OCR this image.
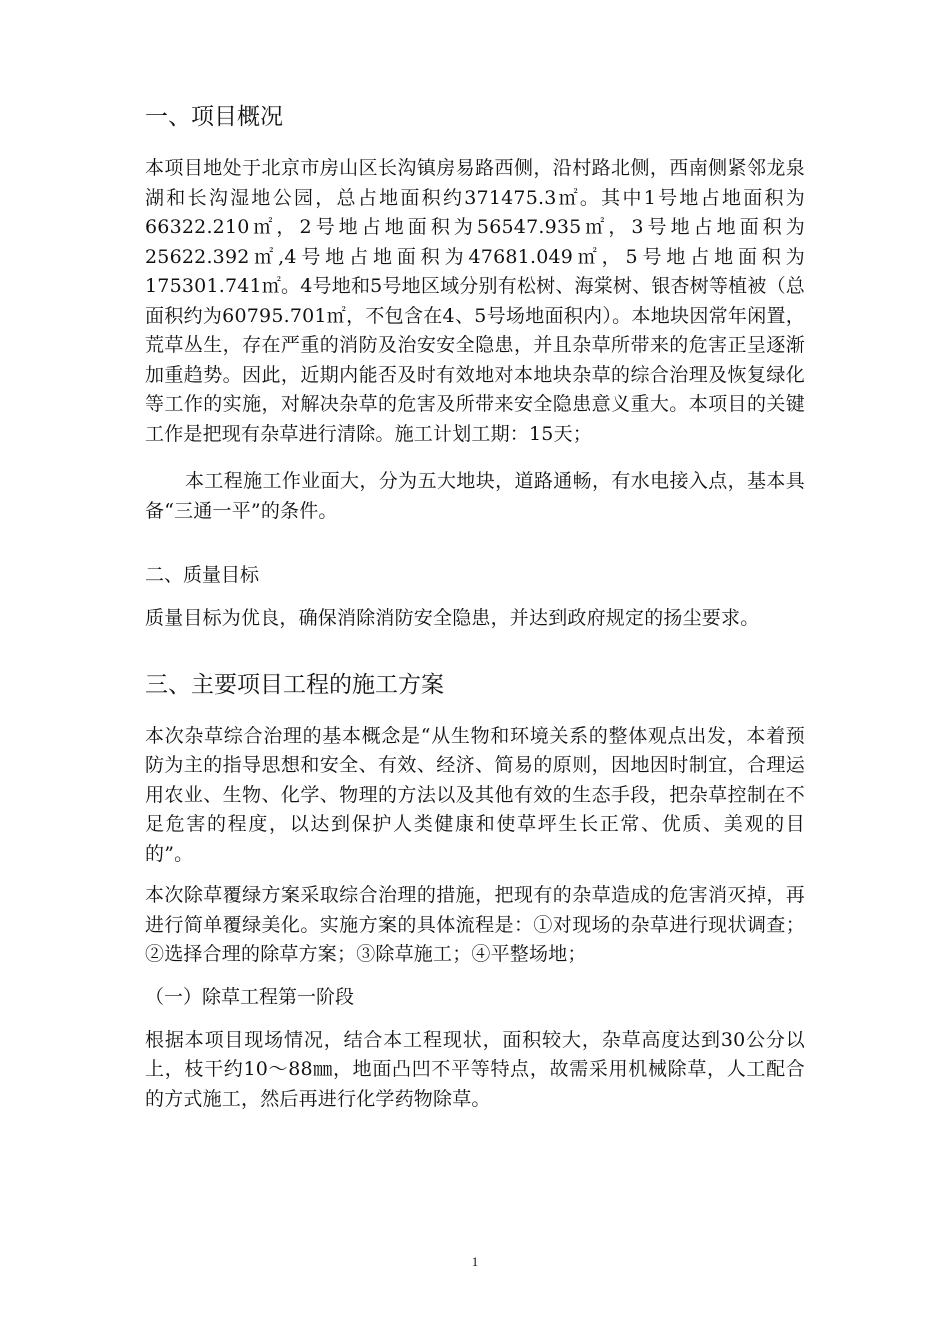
一、项目概况
本项目地处于北京市房山区长沟镇房易路西侧，沿村路北侧，西南侧紧邻龙泉湖和长沟湿地公园，总占地面积约371475.3㎡。其中1号地占地面积为66322.210㎡，2号地占地面积为56547.935㎡，3号地占地面积为25622.392㎡,4号地占地面积为47681.049㎡，5号地占地面积为175301.741㎡。4号地和5号地区域分别有松树、海棠树、银杏树等植被（总面积约为60795.701㎡，不包含在4、5号场地面积内）。本地块因常年闲置，荒草丛生，存在严重的消防及治安安全隐患，并且杂草所带来的危害正呈逐渐加重趋势。因此，近期内能否及时有效地对本地块杂草的综合治理及恢复绿化等工作的实施，对解决杂草的危害及所带来安全隐患意义重大。本项目的关键工作是把现有杂草进行清除。施工计划工期：15天；
本工程施工作业面大，分为五大地块，道路通畅，有水电接入点，基本具备“三通一平”的条件。
二、质量目标
质量目标为优良，确保消除消防安全隐患，并达到政府规定的扬尘要求。
三、主要项目工程的施工方案
本次杂草综合治理的基本概念是“从生物和环境关系的整体观点出发，本着预防为主的指导思想和安全、有效、经济、简易的原则，因地因时制宜，合理运用农业、生物、化学、物理的方法以及其他有效的生态手段，把杂草控制在不足危害的程度，以达到保护人类健康和使草坪生长正常、优质、美观的目的”。
本次除草覆绿方案采取综合治理的措施，把现有的杂草造成的危害消灭掉，再进行简单覆绿美化。实施方案的具体流程是：①对现场的杂草进行现状调查；②选择合理的除草方案；③除草施工；④平整场地；
（一）除草工程第一阶段
根据本项目现场情况，结合本工程现状，面积较大，杂草高度达到30公分以上，枝干约10～88㎜，地面凸凹不平等特点，故需采用机械除草，人工配合的方式施工，然后再进行化学药物除草。
1
